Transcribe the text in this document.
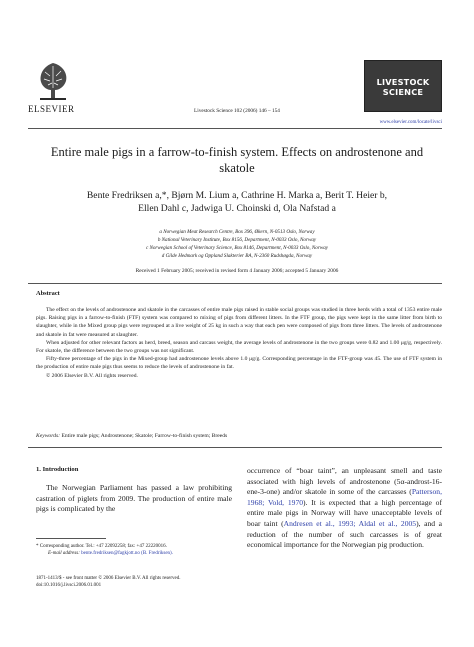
ELSEVIER	Livestock Science 102 (2006) 146 – 154
LIVESTOCK SCIENCE
www.elsevier.com/locate/livsci
Entire male pigs in a farrow-to-finish system. Effects on androstenone and skatole
Bente Fredriksen a,*, Bjørn M. Lium a, Cathrine H. Marka a, Berit T. Heier b,
Ellen Dahl c, Jadwiga U. Choinski d, Ola Nafstad a
a Norwegian Meat Research Centre, Box 396, Økern, N-0513 Oslo, Norway
b National Veterinary Institute, Box 8156, Department, N-0033 Oslo, Norway
c Norwegian School of Veterinary Science, Box 8146, Department, N-0033 Oslo, Norway
d Gilde Hedmark og Oppland Slakterier BA, N-2360 Rudshøgda, Norway
Received 1 February 2005; received in revised form 4 January 2006; accepted 5 January 2006
Abstract

The effect on the levels of androstenone and skatole in the carcasses of entire male pigs raised in stable social groups was studied in three herds with a total of 1353 entire male pigs. Raising pigs in a farrow-to-finish (FTF) system was compared to mixing of pigs from different litters. In the FTF group, the pigs were kept in the same litter from birth to slaughter, while in the Mixed group pigs were regrouped at a live weight of 25 kg in such a way that each pen were composed of pigs from three litters. The levels of androstenone and skatole in fat were measured at slaughter.

When adjusted for other relevant factors as herd, breed, season and carcass weight, the average levels of androstenone in the two groups were 0.82 and 1.00 μg/g, respectively. For skatole, the difference between the two groups was not significant.

Fifty-three percentage of the pigs in the Mixed-group had androstenone levels above 1.0 μg/g. Corresponding percentage in the FTF-group was 45. The use of FTF system in the production of entire male pigs thus seems to reduce the levels of androstenone in fat.

© 2006 Elsevier B.V. All rights reserved.

Keywords: Entire male pigs; Androstenone; Skatole; Farrow-to-finish system; Breeds
1. Introduction
The Norwegian Parliament has passed a law prohibiting castration of piglets from 2009. The production of entire male pigs is complicated by the
occurrence of “boar taint”, an unpleasant smell and taste associated with high levels of androstenone (5α-androst-16-ene-3-one) and/or skatole in some of the carcasses (Patterson, 1968; Vold, 1970). It is expected that a high percentage of entire male pigs in Norway will have unacceptable levels of boar taint (Andresen et al., 1993; Aldal et al., 2005), and a reduction of the number of such carcasses is of great economical importance for the Norwegian pig production.
* Corresponding author. Tel.: +47 22092258; fax: +47 22220016.
E-mail address: bente.fredriksen@fagkjott.no (B. Fredriksen).
1871-1413/$ - see front matter © 2006 Elsevier B.V. All rights reserved.
doi:10.1016/j.livsci.2006.01.001
